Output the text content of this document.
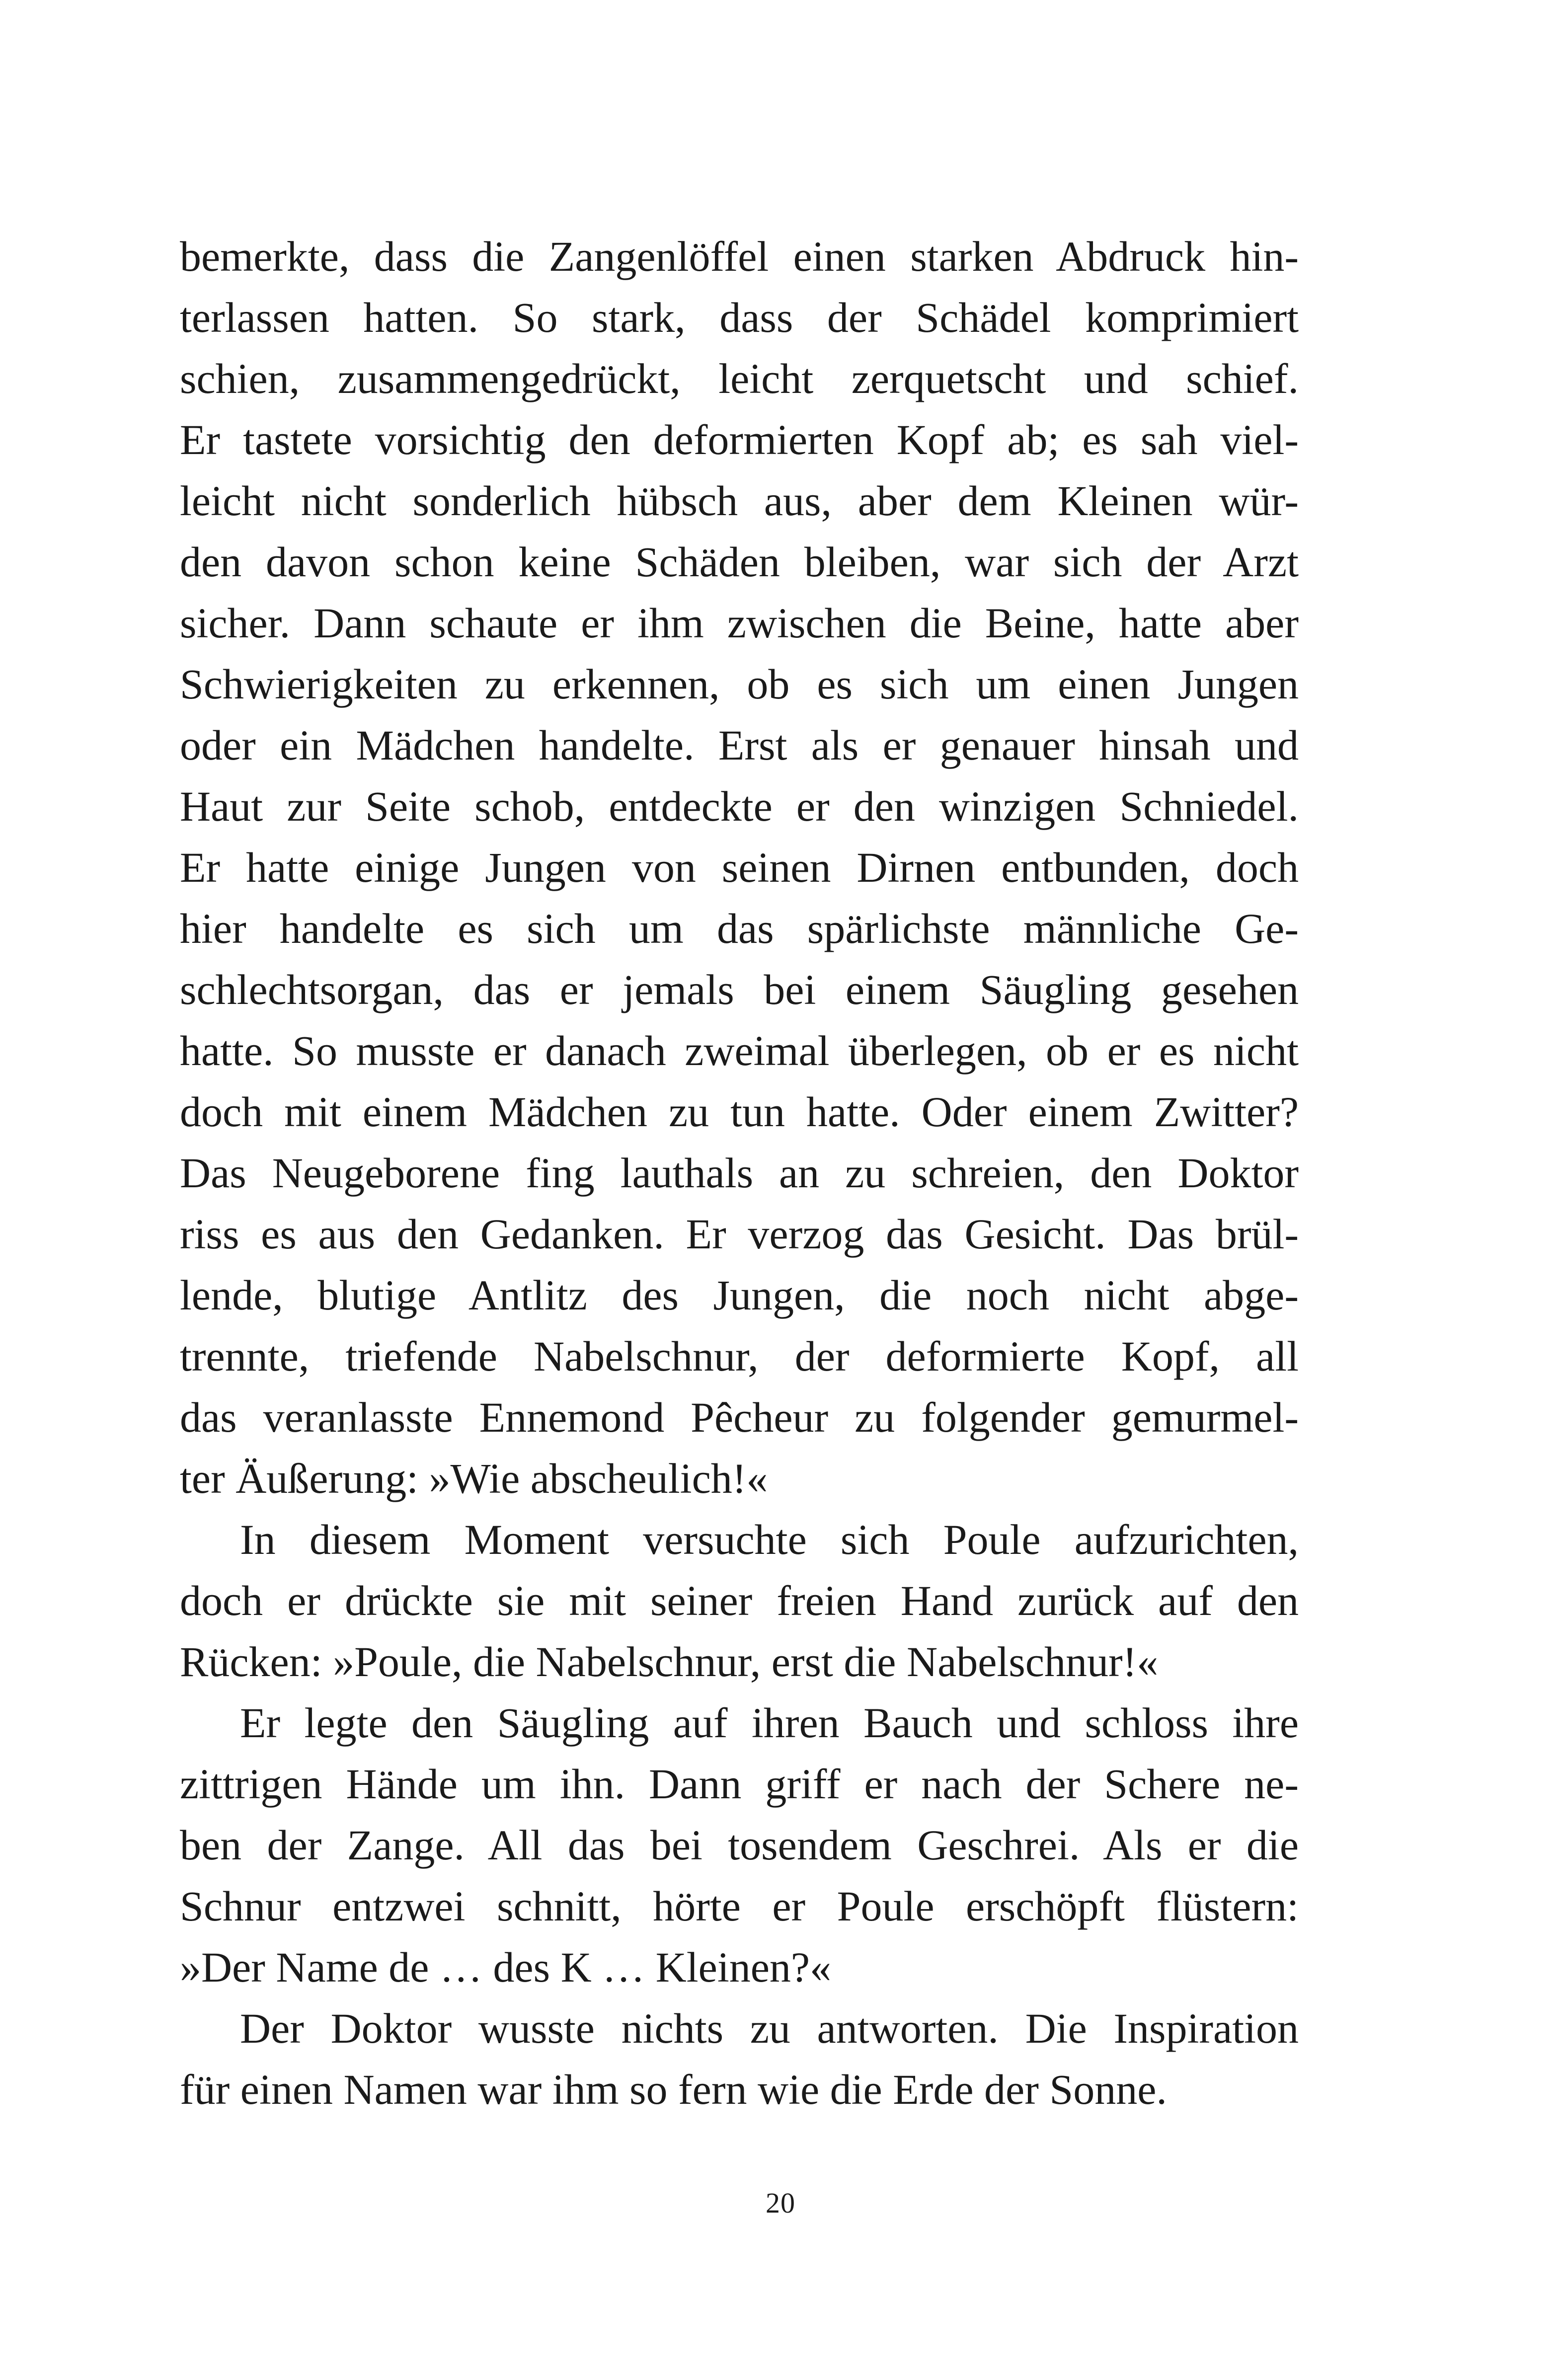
bemerkte, dass die Zangenlöffel einen starken Abdruck hin-
terlassen hatten. So stark, dass der Schädel komprimiert
schien, zusammengedrückt, leicht zerquetscht und schief.
Er tastete vorsichtig den deformierten Kopf ab; es sah viel-
leicht nicht sonderlich hübsch aus, aber dem Kleinen wür-
den davon schon keine Schäden bleiben, war sich der Arzt
sicher. Dann schaute er ihm zwischen die Beine, hatte aber
Schwierigkeiten zu erkennen, ob es sich um einen Jungen
oder ein Mädchen handelte. Erst als er genauer hinsah und
Haut zur Seite schob, entdeckte er den winzigen Schniedel.
Er hatte einige Jungen von seinen Dirnen entbunden, doch
hier handelte es sich um das spärlichste männliche Ge-
schlechtsorgan, das er jemals bei einem Säugling gesehen
hatte. So musste er danach zweimal überlegen, ob er es nicht
doch mit einem Mädchen zu tun hatte. Oder einem Zwitter?
Das Neugeborene fing lauthals an zu schreien, den Doktor
riss es aus den Gedanken. Er verzog das Gesicht. Das brül-
lende, blutige Antlitz des Jungen, die noch nicht abge-
trennte, triefende Nabelschnur, der deformierte Kopf, all
das veranlasste Ennemond Pêcheur zu folgender gemurmel-
ter Äußerung: »Wie abscheulich!«
In diesem Moment versuchte sich Poule aufzurichten,
doch er drückte sie mit seiner freien Hand zurück auf den
Rücken: »Poule, die Nabelschnur, erst die Nabelschnur!«
Er legte den Säugling auf ihren Bauch und schloss ihre
zittrigen Hände um ihn. Dann griff er nach der Schere ne-
ben der Zange. All das bei tosendem Geschrei. Als er die
Schnur entzwei schnitt, hörte er Poule erschöpft flüstern:
»Der Name de … des K … Kleinen?«
Der Doktor wusste nichts zu antworten. Die Inspiration
für einen Namen war ihm so fern wie die Erde der Sonne.
20
